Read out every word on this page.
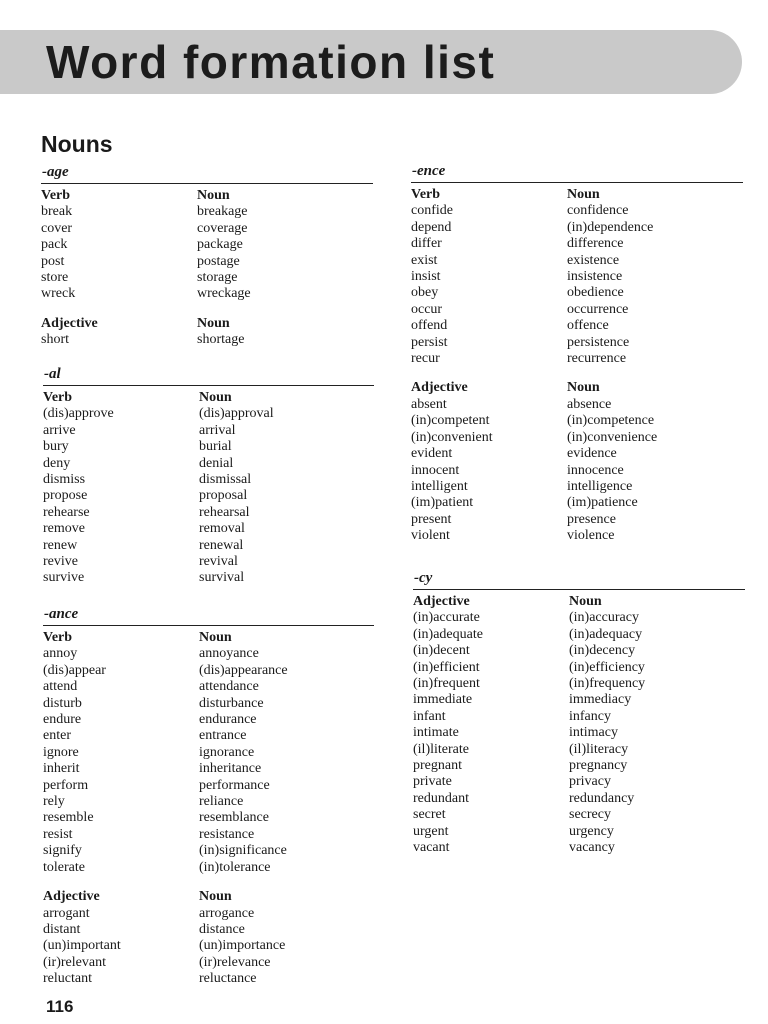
Word formation list
Nouns
-age
Verb
break
cover
pack
post
store
wreck
Noun
breakage
coverage
package
postage
storage
wreckage
Adjective
short
Noun
shortage
-al
Verb
(dis)approve
arrive
bury
deny
dismiss
propose
rehearse
remove
renew
revive
survive
Noun
(dis)approval
arrival
burial
denial
dismissal
proposal
rehearsal
removal
renewal
revival
survival
-ance
Verb
annoy
(dis)appear
attend
disturb
endure
enter
ignore
inherit
perform
rely
resemble
resist
signify
tolerate
Noun
annoyance
(dis)appearance
attendance
disturbance
endurance
entrance
ignorance
inheritance
performance
reliance
resemblance
resistance
(in)significance
(in)tolerance
Adjective
arrogant
distant
(un)important
(ir)relevant
reluctant
Noun
arrogance
distance
(un)importance
(ir)relevance
reluctance
-ence
Verb
confide
depend
differ
exist
insist
obey
occur
offend
persist
recur
Noun
confidence
(in)dependence
difference
existence
insistence
obedience
occurrence
offence
persistence
recurrence
Adjective
absent
(in)competent
(in)convenient
evident
innocent
intelligent
(im)patient
present
violent
Noun
absence
(in)competence
(in)convenience
evidence
innocence
intelligence
(im)patience
presence
violence
-cy
Adjective
(in)accurate
(in)adequate
(in)decent
(in)efficient
(in)frequent
immediate
infant
intimate
(il)literate
pregnant
private
redundant
secret
urgent
vacant
Noun
(in)accuracy
(in)adequacy
(in)decency
(in)efficiency
(in)frequency
immediacy
infancy
intimacy
(il)literacy
pregnancy
privacy
redundancy
secrecy
urgency
vacancy
116
